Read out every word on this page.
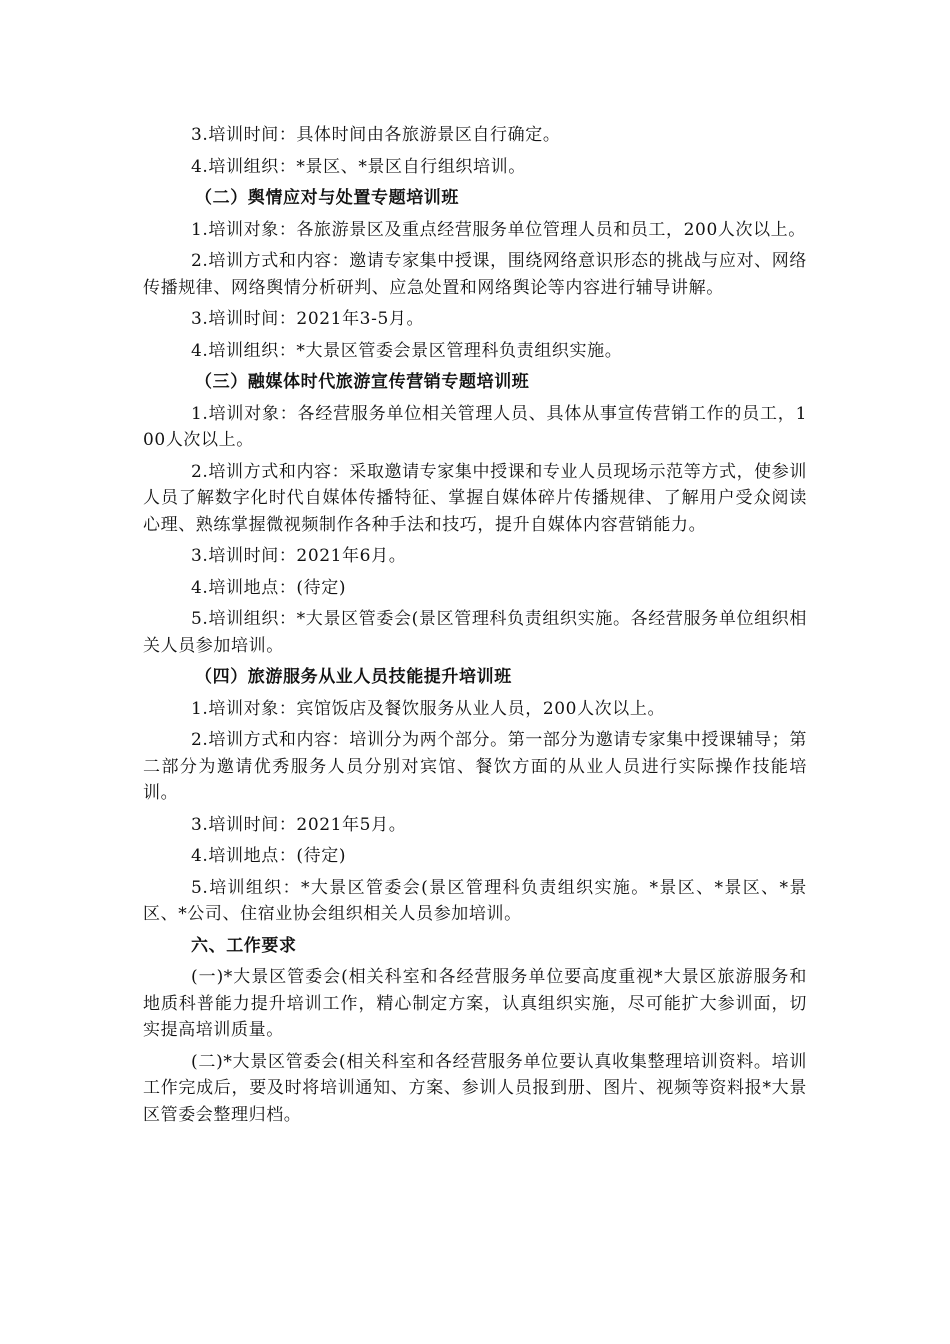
3.培训时间：具体时间由各旅游景区自行确定。

4.培训组织：*景区、*景区自行组织培训。

（二）舆情应对与处置专题培训班

1.培训对象：各旅游景区及重点经营服务单位管理人员和员工，200人次以上。

2.培训方式和内容：邀请专家集中授课，围绕网络意识形态的挑战与应对、网络传播规律、网络舆情分析研判、应急处置和网络舆论等内容进行辅导讲解。

3.培训时间：2021年3-5月。

4.培训组织：*大景区管委会景区管理科负责组织实施。

（三）融媒体时代旅游宣传营销专题培训班

1.培训对象：各经营服务单位相关管理人员、具体从事宣传营销工作的员工，100人次以上。

2.培训方式和内容：采取邀请专家集中授课和专业人员现场示范等方式，使参训人员了解数字化时代自媒体传播特征、掌握自媒体碎片传播规律、了解用户受众阅读心理、熟练掌握微视频制作各种手法和技巧，提升自媒体内容营销能力。

3.培训时间：2021年6月。

4.培训地点：(待定)

5.培训组织：*大景区管委会(景区管理科负责组织实施。各经营服务单位组织相关人员参加培训。

（四）旅游服务从业人员技能提升培训班

1.培训对象：宾馆饭店及餐饮服务从业人员，200人次以上。

2.培训方式和内容：培训分为两个部分。第一部分为邀请专家集中授课辅导；第二部分为邀请优秀服务人员分别对宾馆、餐饮方面的从业人员进行实际操作技能培训。

3.培训时间：2021年5月。

4.培训地点：(待定)

5.培训组织：*大景区管委会(景区管理科负责组织实施。*景区、*景区、*景区、*公司、住宿业协会组织相关人员参加培训。

六、工作要求

(一)*大景区管委会(相关科室和各经营服务单位要高度重视*大景区旅游服务和地质科普能力提升培训工作，精心制定方案，认真组织实施，尽可能扩大参训面，切实提高培训质量。

(二)*大景区管委会(相关科室和各经营服务单位要认真收集整理培训资料。培训工作完成后，要及时将培训通知、方案、参训人员报到册、图片、视频等资料报*大景区管委会整理归档。
